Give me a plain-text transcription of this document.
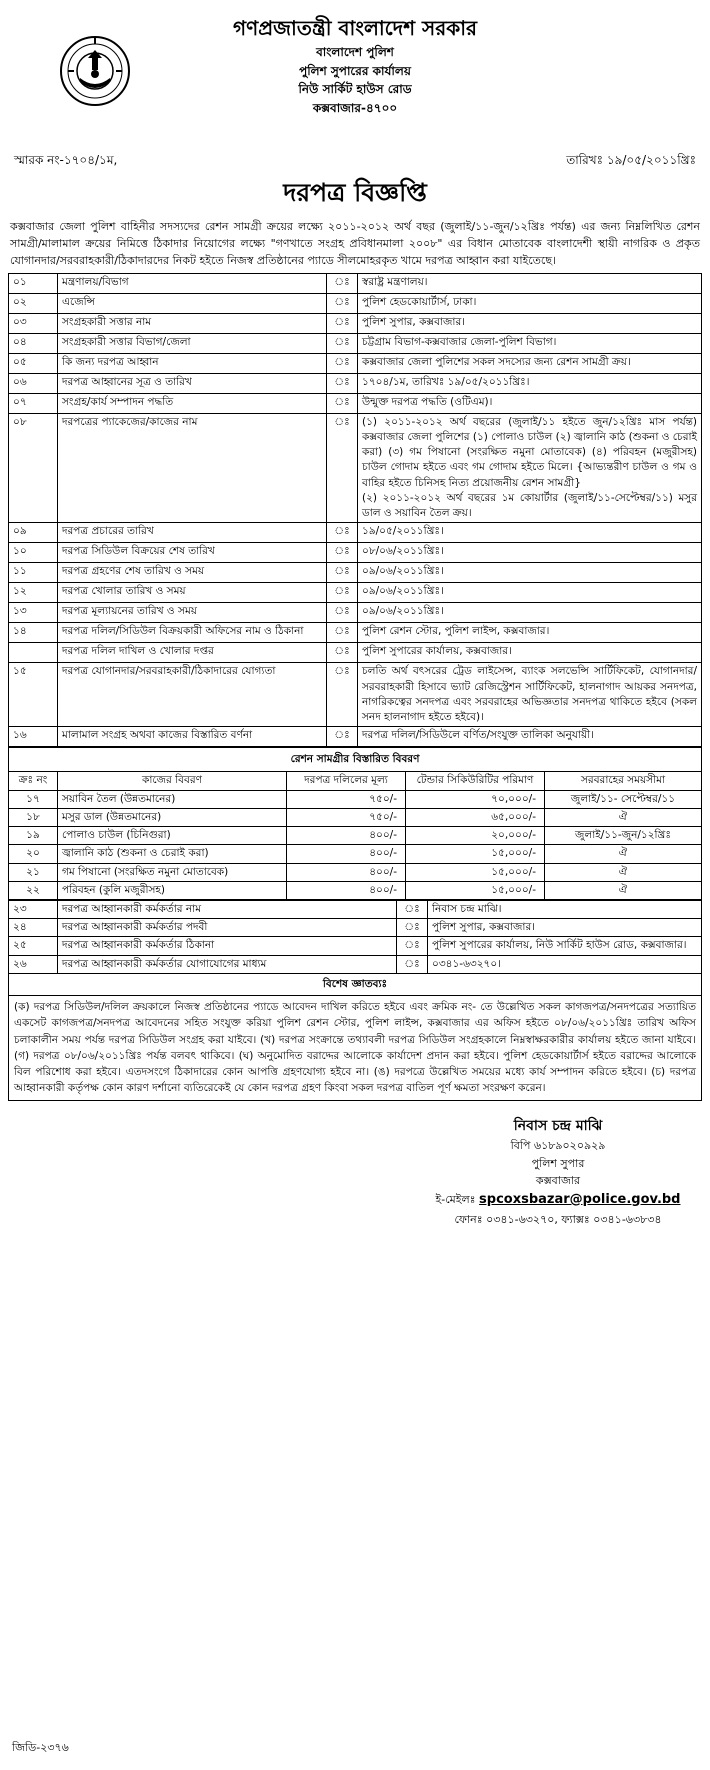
গণপ্রজাতন্ত্রী বাংলাদেশ সরকার
বাংলাদেশ পুলিশ
পুলিশ সুপারের কার্যালয়
নিউ সার্কিট হাউস রোড
কক্সবাজার-৪৭০০
স্মারক নং-১৭০৪/১ম,	তারিখঃ ১৯/০৫/২০১১খ্রিঃ
দরপত্র বিজ্ঞপ্তি
কক্সবাজার জেলা পুলিশ বাহিনীর সদস্যদের রেশন সামগ্রী ক্রয়ের লক্ষ্যে ২০১১-২০১২ অর্থ বছর (জুলাই/১১-জুন/১২খ্রিঃ পর্যন্ত) এর জন্য নিম্নলিখিত রেশন সামগ্রী/মালামাল ক্রয়ের নিমিত্তে ঠিকাদার নিয়োগের লক্ষ্যে "গণখাতে সংগ্রহ প্রবিধানমালা ২০০৮" এর বিধান মোতাবেক বাংলাদেশী স্থায়ী নাগরিক ও প্রকৃত যোগানদার/সরবরাহকারী/ঠিকাদারদের নিকট হইতে নিজস্ব প্রতিষ্ঠানের প্যাডে সীলমোহরকৃত খামে দরপত্র আহ্বান করা যাইতেছে।
০১	মন্ত্রণালয়/বিভাগ	ঃ	স্বরাষ্ট্র মন্ত্রণালয়।

০২	এজেন্সি	ঃ	পুলিশ হেডকোয়ার্টার্স, ঢাকা।

০৩	সংগ্রহকারী সত্তার নাম	ঃ	পুলিশ সুপার, কক্সবাজার।

০৪	সংগ্রহকারী সত্তার বিভাগ/জেলা	ঃ	চট্টগ্রাম বিভাগ-কক্সবাজার জেলা-পুলিশ বিভাগ।

০৫	কি জন্য দরপত্র আহ্বান	ঃ	কক্সবাজার জেলা পুলিশের সকল সদস্যের জন্য রেশন সামগ্রী ক্রয়।

০৬	দরপত্র আহ্বানের সূত্র ও তারিখ	ঃ	১৭০৪/১ম, তারিখঃ ১৯/০৫/২০১১খ্রিঃ।

০৭	সংগ্রহ/কার্য সম্পাদন পদ্ধতি	ঃ	উন্মুক্ত দরপত্র পদ্ধতি (ওটিএম)।

০৮	দরপত্রের প্যাকেজের/কাজের নাম	ঃ	(১) ২০১১-২০১২ অর্থ বছরের (জুলাই/১১ হইতে জুন/১২খ্রিঃ মাস পর্যন্ত) কক্সবাজার জেলা পুলিশের (১) পোলাও চাউল (২) জ্বালানি কাঠ (শুকনা ও চেরাই করা) (৩) গম পিষানো (সংরক্ষিত নমুনা মোতাবেক) (৪) পরিবহন (মজুরীসহ) চাউল গোদাম হইতে এবং গম গোদাম হইতে মিলে। {আভ্যন্তরীণ চাউল ও গম ও বাহির হইতে চিনিসহ নিত্য প্রয়োজনীয় রেশন সামগ্রী}
(২) ২০১১-২০১২ অর্থ বছরের ১ম কোয়ার্টার (জুলাই/১১-সেপ্টেম্বর/১১) মসুর ডাল ও সয়াবিন তৈল ক্রয়।

০৯	দরপত্র প্রচারের তারিখ	ঃ	১৯/০৫/২০১১খ্রিঃ।

১০	দরপত্র সিডিউল বিক্রয়ের শেষ তারিখ	ঃ	০৮/০৬/২০১১খ্রিঃ।

১১	দরপত্র গ্রহণের শেষ তারিখ ও সময়	ঃ	০৯/০৬/২০১১খ্রিঃ।

১২	দরপত্র খোলার তারিখ ও সময়	ঃ	০৯/০৬/২০১১খ্রিঃ।

১৩	দরপত্র মূল্যায়নের তারিখ ও সময়	ঃ	০৯/০৬/২০১১খ্রিঃ।

১৪	দরপত্র দলিল/সিডিউল বিক্রয়কারী অফিসের নাম ও ঠিকানা	ঃ	পুলিশ রেশন স্টোর, পুলিশ লাইন্স, কক্সবাজার।

	দরপত্র দলিল দাখিল ও খোলার দপ্তর	ঃ	পুলিশ সুপারের কার্যালয়, কক্সবাজার।

১৫	দরপত্র যোগানদার/সরবরাহকারী/ঠিকাদারের যোগ্যতা	ঃ	চলতি অর্থ বৎসরের ট্রেড লাইসেন্স, ব্যাংক সলভেন্সি সার্টিফিকেট, যোগানদার/সরবরাহকারী হিসাবে ভ্যাট রেজিস্ট্রেশন সার্টিফিকেট, হালনাগাদ আয়কর সনদপত্র, নাগরিকত্বের সনদপত্র এবং সরবরাহের অভিজ্ঞতার সনদপত্র থাকিতে হইবে (সকল সনদ হালনাগাদ হইতে হইবে)।

১৬	মালামাল সংগ্রহ অথবা কাজের বিস্তারিত বর্ণনা	ঃ	দরপত্র দলিল/সিডিউলে বর্ণিত/সংযুক্ত তালিকা অনুযায়ী।
রেশন সামগ্রীর বিস্তারিত বিবরণ				
ক্রঃ নং	কাজের বিবরণ	দরপত্র দলিলের মূল্য	টেন্ডার সিকিউরিটির পরিমাণ	সরবরাহের সময়সীমা
১৭	সয়াবিন তৈল (উন্নতমানের)	৭৫০/-	৭০,০০০/-	জুলাই/১১- সেপ্টেম্বর/১১
১৮	মসুর ডাল (উন্নতমানের)	৭৫০/-	৬৫,০০০/-	ঐ
১৯	পোলাও চাউল (চিনিগুরা)	৪০০/-	২০,০০০/-	জুলাই/১১-জুন/১২খ্রিঃ
২০	জ্বালানি কাঠ (শুকনা ও চেরাই করা)	৪০০/-	১৫,০০০/-	ঐ
২১	গম পিষানো (সংরক্ষিত নমুনা মোতাবেক)	৪০০/-	১৫,০০০/-	ঐ
২২	পরিবহন (কুলি মজুরীসহ)	৪০০/-	১৫,০০০/-	ঐ
২৩	দরপত্র আহ্বানকারী কর্মকর্তার নাম	ঃ	নিবাস চন্দ্র মাঝি।
২৪	দরপত্র আহ্বানকারী কর্মকর্তার পদবী	ঃ	পুলিশ সুপার, কক্সবাজার।
২৫	দরপত্র আহ্বানকারী কর্মকর্তার ঠিকানা	ঃ	পুলিশ সুপারের কার্যালয়, নিউ সার্কিট হাউস রোড, কক্সবাজার।
২৬	দরপত্র আহ্বানকারী কর্মকর্তার যোগাযোগের মাধ্যম	ঃ	০৩৪১-৬৩২৭০।
বিশেষ জ্ঞাতব্যঃ			
(ক) দরপত্র সিডিউল/দলিল ক্রয়কালে নিজস্ব প্রতিষ্ঠানের প্যাডে আবেদন দাখিল করিতে হইবে এবং ক্রমিক নং- তে উল্লেখিত সকল কাগজপত্র/সনদপত্রের সত্যায়িত একসেট কাগজপত্র/সনদপত্র আবেদনের সহিত সংযুক্ত করিয়া পুলিশ রেশন স্টোর, পুলিশ লাইন্স, কক্সবাজার এর অফিস হইতে ০৮/০৬/২০১১খ্রিঃ তারিখ অফিস চলাকালীন সময় পর্যন্ত দরপত্র সিডিউল সংগ্রহ করা যাইবে। (খ) দরপত্র সংক্রান্তে তথ্যাবলী দরপত্র সিডিউল সংগ্রহকালে নিম্নস্বাক্ষরকারীর কার্যালয় হইতে জানা যাইবে। (গ) দরপত্র ০৮/০৬/২০১১খ্রিঃ পর্যন্ত বলবৎ থাকিবে। (ঘ) অনুমোদিত বরাদ্দের আলোকে কার্যাদেশ প্রদান করা হইবে। পুলিশ হেডকোয়ার্টার্স হইতে বরাদ্দের আলোকে বিল পরিশোধ করা হইবে। এতদসংগে ঠিকাদারের কোন আপত্তি গ্রহণযোগ্য হইবে না। (ঙ) দরপত্রে উল্লেখিত সময়ের মধ্যে কার্য সম্পাদন করিতে হইবে। (চ) দরপত্র আহ্বানকারী কর্তৃপক্ষ কোন কারণ দর্শানো ব্যতিরেকেই যে কোন দরপত্র গ্রহণ কিংবা সকল দরপত্র বাতিল পূর্ণ ক্ষমতা সংরক্ষণ করেন।			
নিবাস চন্দ্র মাঝি
বিপি ৬১৮৯০২০৯২৯
পুলিশ সুপার
কক্সবাজার
ই-মেইলঃ spcoxsbazar@police.gov.bd
ফোনঃ ০৩৪১-৬৩২৭০, ফ্যাক্সঃ ০৩৪১-৬৩৮৩৪
জিডি-২৩৭৬
